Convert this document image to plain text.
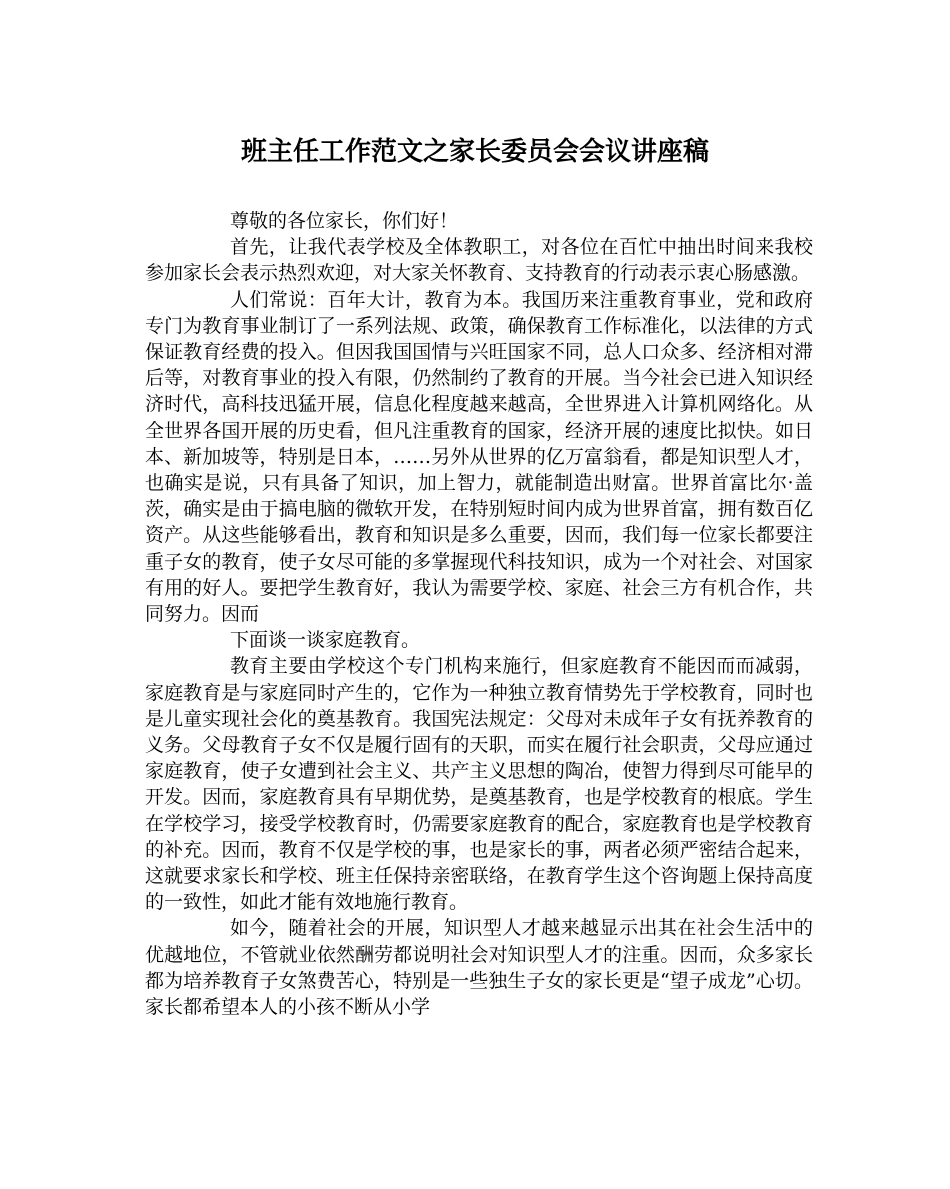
班主任工作范文之家长委员会会议讲座稿

尊敬的各位家长，你们好！

首先，让我代表学校及全体教职工，对各位在百忙中抽出时间来我校参加家长会表示热烈欢迎，对大家关怀教育、支持教育的行动表示衷心肠感激。

人们常说：百年大计，教育为本。我国历来注重教育事业，党和政府专门为教育事业制订了一系列法规、政策，确保教育工作标准化，以法律的方式保证教育经费的投入。但因我国国情与兴旺国家不同，总人口众多、经济相对滞后等，对教育事业的投入有限，仍然制约了教育的开展。当今社会已进入知识经济时代，高科技迅猛开展，信息化程度越来越高，全世界进入计算机网络化。从全世界各国开展的历史看，但凡注重教育的国家，经济开展的速度比拟快。如日本、新加坡等，特别是日本，……另外从世界的亿万富翁看，都是知识型人才，也确实是说，只有具备了知识，加上智力，就能制造出财富。世界首富比尔·盖茨，确实是由于搞电脑的微软开发，在特别短时间内成为世界首富，拥有数百亿资产。从这些能够看出，教育和知识是多么重要，因而，我们每一位家长都要注重子女的教育，使子女尽可能的多掌握现代科技知识，成为一个对社会、对国家有用的好人。要把学生教育好，我认为需要学校、家庭、社会三方有机合作，共同努力。因而

下面谈一谈家庭教育。

教育主要由学校这个专门机构来施行，但家庭教育不能因而而减弱，家庭教育是与家庭同时产生的，它作为一种独立教育情势先于学校教育，同时也是儿童实现社会化的奠基教育。我国宪法规定：父母对未成年子女有抚养教育的义务。父母教育子女不仅是履行固有的天职，而实在履行社会职责，父母应通过家庭教育，使子女遭到社会主义、共产主义思想的陶冶，使智力得到尽可能早的开发。因而，家庭教育具有早期优势，是奠基教育，也是学校教育的根底。学生在学校学习，接受学校教育时，仍需要家庭教育的配合，家庭教育也是学校教育的补充。因而，教育不仅是学校的事，也是家长的事，两者必须严密结合起来，这就要求家长和学校、班主任保持亲密联络，在教育学生这个咨询题上保持高度的一致性，如此才能有效地施行教育。

如今，随着社会的开展，知识型人才越来越显示出其在社会生活中的优越地位，不管就业依然酬劳都说明社会对知识型人才的注重。因而，众多家长都为培养教育子女煞费苦心，特别是一些独生子女的家长更是“望子成龙”心切。家长都希望本人的小孩不断从小学
